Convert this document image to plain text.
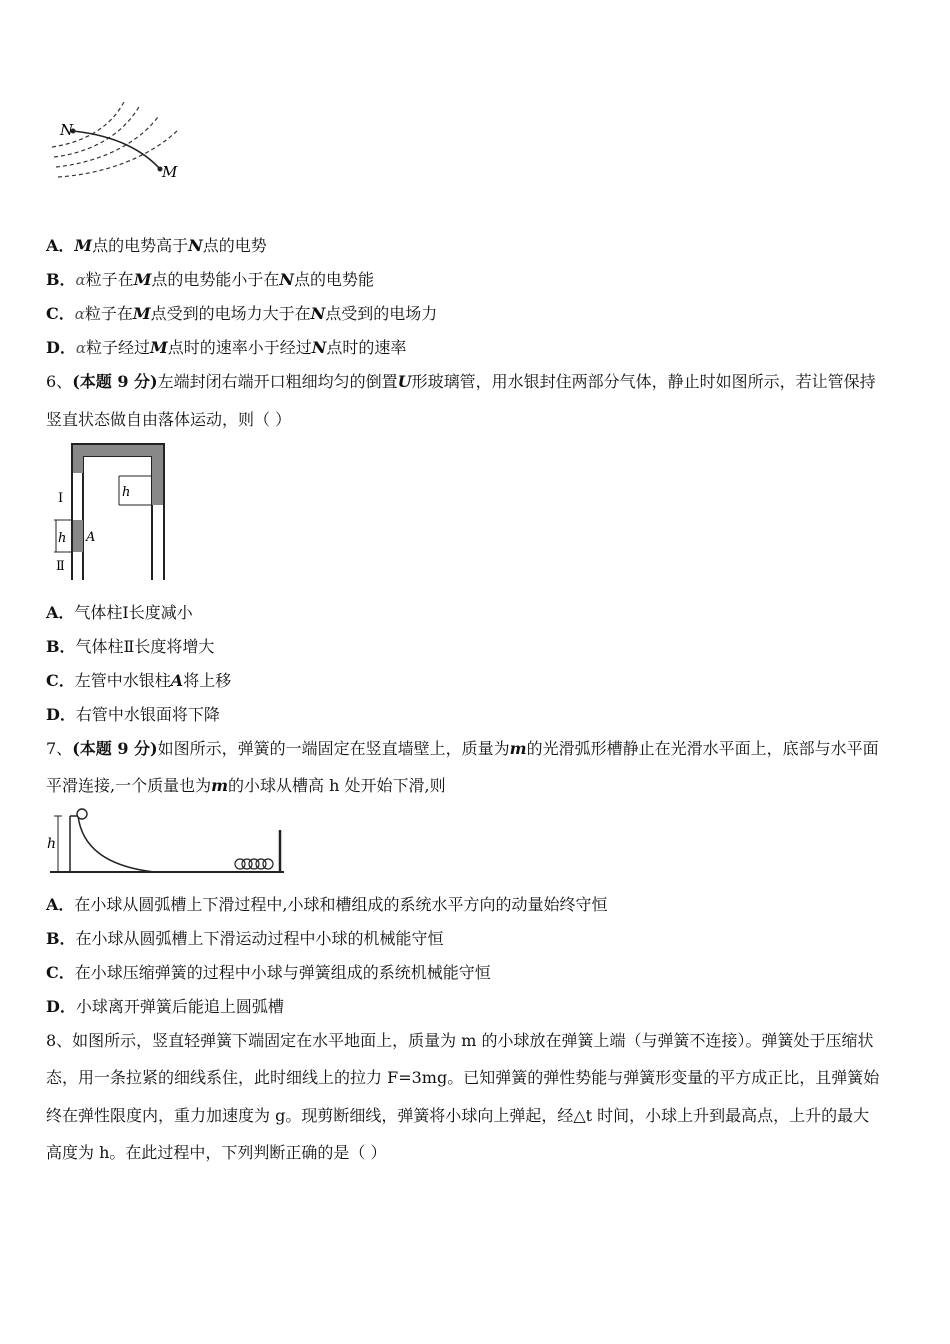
N
M
A．M点的电势高于N点的电势
B．α粒子在M点的电势能小于在N点的电势能
C．α粒子在M点受到的电场力大于在N点受到的电场力
D．α粒子经过M点时的速率小于经过N点时的速率
6、(本题 9 分)左端封闭右端开口粗细均匀的倒置U形玻璃管，用水银封住两部分气体，静止时如图所示，若让管保持
竖直状态做自由落体运动，则（ ）
h
h A
Ⅰ
Ⅱ
A．气体柱Ⅰ长度减小
B．气体柱Ⅱ长度将增大
C．左管中水银柱A将上移
D．右管中水银面将下降
7、(本题 9 分)如图所示，弹簧的一端固定在竖直墙壁上，质量为m的光滑弧形槽静止在光滑水平面上，底部与水平面
平滑连接,一个质量也为m的小球从槽高 h 处开始下滑,则
h
A．在小球从圆弧槽上下滑过程中,小球和槽组成的系统水平方向的动量始终守恒
B．在小球从圆弧槽上下滑运动过程中小球的机械能守恒
C．在小球压缩弹簧的过程中小球与弹簧组成的系统机械能守恒
D．小球离开弹簧后能追上圆弧槽
8、如图所示，竖直轻弹簧下端固定在水平地面上，质量为 m 的小球放在弹簧上端（与弹簧不连接）。弹簧处于压缩状
态，用一条拉紧的细线系住，此时细线上的拉力 F=3mg。已知弹簧的弹性势能与弹簧形变量的平方成正比，且弹簧始
终在弹性限度内，重力加速度为 g。现剪断细线，弹簧将小球向上弹起，经△t 时间，小球上升到最高点，上升的最大
高度为 h。在此过程中，下列判断正确的是（ ）
